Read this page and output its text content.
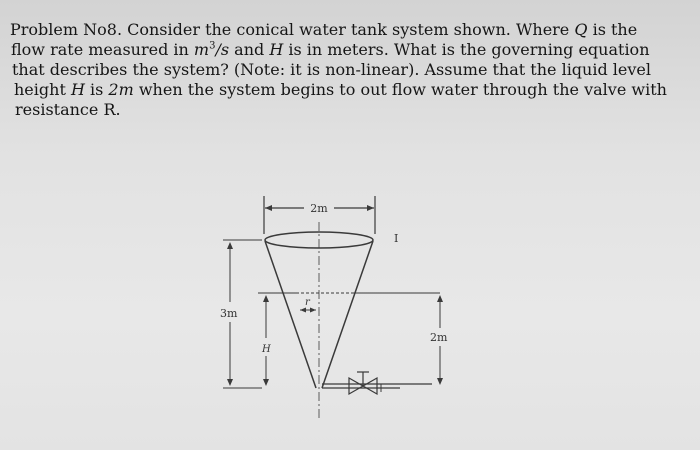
Problem No8. Consider the conical water tank system shown. Where Q is the
flow rate measured in $m^3/s$ and H is in meters. What is the governing equation
that describes the system? (Note: it is non-linear). Assume that the liquid level
height H is 2m when the system begins to out flow water through the valve with
resistance R.
2m
3m
r
H
2m
I
